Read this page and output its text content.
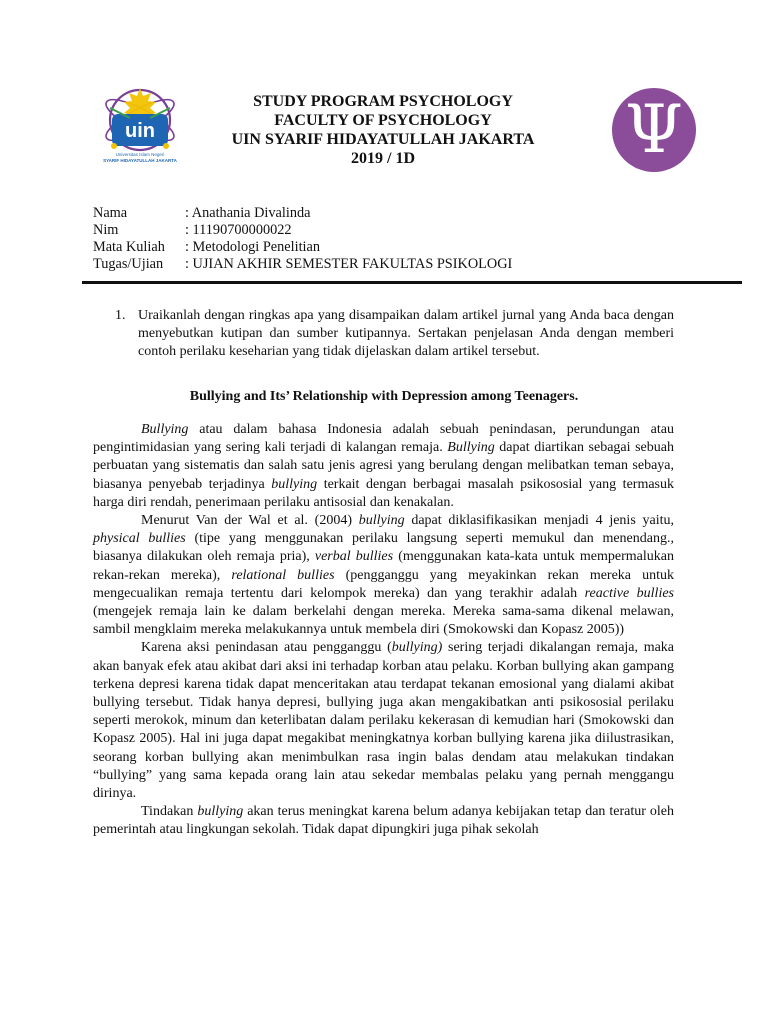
uin
Universitas Islam Negeri
SYARIF HIDAYATULLAH JAKARTA
STUDY PROGRAM PSYCHOLOGY
FACULTY OF PSYCHOLOGY
UIN SYARIF HIDAYATULLAH JAKARTA
2019 / 1D	Ψ
Nama	: Anathania Divalinda
Nim	: 11190700000022
Mata Kuliah	: Metodologi Penelitian
Tugas/Ujian	: UJIAN AKHIR SEMESTER FAKULTAS PSIKOLOGI
1. Uraikanlah dengan ringkas apa yang disampaikan dalam artikel jurnal yang Anda baca dengan menyebutkan kutipan dan sumber kutipannya. Sertakan penjelasan Anda dengan memberi contoh perilaku keseharian yang tidak dijelaskan dalam artikel tersebut.
Bullying and Its’ Relationship with Depression among Teenagers.

Bullying atau dalam bahasa Indonesia adalah sebuah penindasan, perundungan atau pengintimidasian yang sering kali terjadi di kalangan remaja. Bullying dapat diartikan sebagai sebuah perbuatan yang sistematis dan salah satu jenis agresi yang berulang dengan melibatkan teman sebaya, biasanya penyebab terjadinya bullying terkait dengan berbagai masalah psikososial yang termasuk harga diri rendah, penerimaan perilaku antisosial dan kenakalan.

Menurut Van der Wal et al. (2004) bullying dapat diklasifikasikan menjadi 4 jenis yaitu, physical bullies (tipe yang menggunakan perilaku langsung seperti memukul dan menendang., biasanya dilakukan oleh remaja pria), verbal bullies (menggunakan kata-kata untuk mempermalukan rekan-rekan mereka), relational bullies (pengganggu yang meyakinkan rekan mereka untuk mengecualikan remaja tertentu dari kelompok mereka) dan yang terakhir adalah reactive bullies (mengejek remaja lain ke dalam berkelahi dengan mereka. Mereka sama-sama dikenal melawan, sambil mengklaim mereka melakukannya untuk membela diri (Smokowski dan Kopasz 2005))

Karena aksi penindasan atau pengganggu (bullying) sering terjadi dikalangan remaja, maka akan banyak efek atau akibat dari aksi ini terhadap korban atau pelaku. Korban bullying akan gampang terkena depresi karena tidak dapat menceritakan atau terdapat tekanan emosional yang dialami akibat bullying tersebut. Tidak hanya depresi, bullying juga akan mengakibatkan anti psikososial perilaku seperti merokok, minum dan keterlibatan dalam perilaku kekerasan di kemudian hari (Smokowski dan Kopasz 2005). Hal ini juga dapat megakibat meningkatnya korban bullying karena jika diilustrasikan, seorang korban bullying akan menimbulkan rasa ingin balas dendam atau melakukan tindakan “bullying” yang sama kepada orang lain atau sekedar membalas pelaku yang pernah menggangu dirinya.

Tindakan bullying akan terus meningkat karena belum adanya kebijakan tetap dan teratur oleh pemerintah atau lingkungan sekolah. Tidak dapat dipungkiri juga pihak sekolah
